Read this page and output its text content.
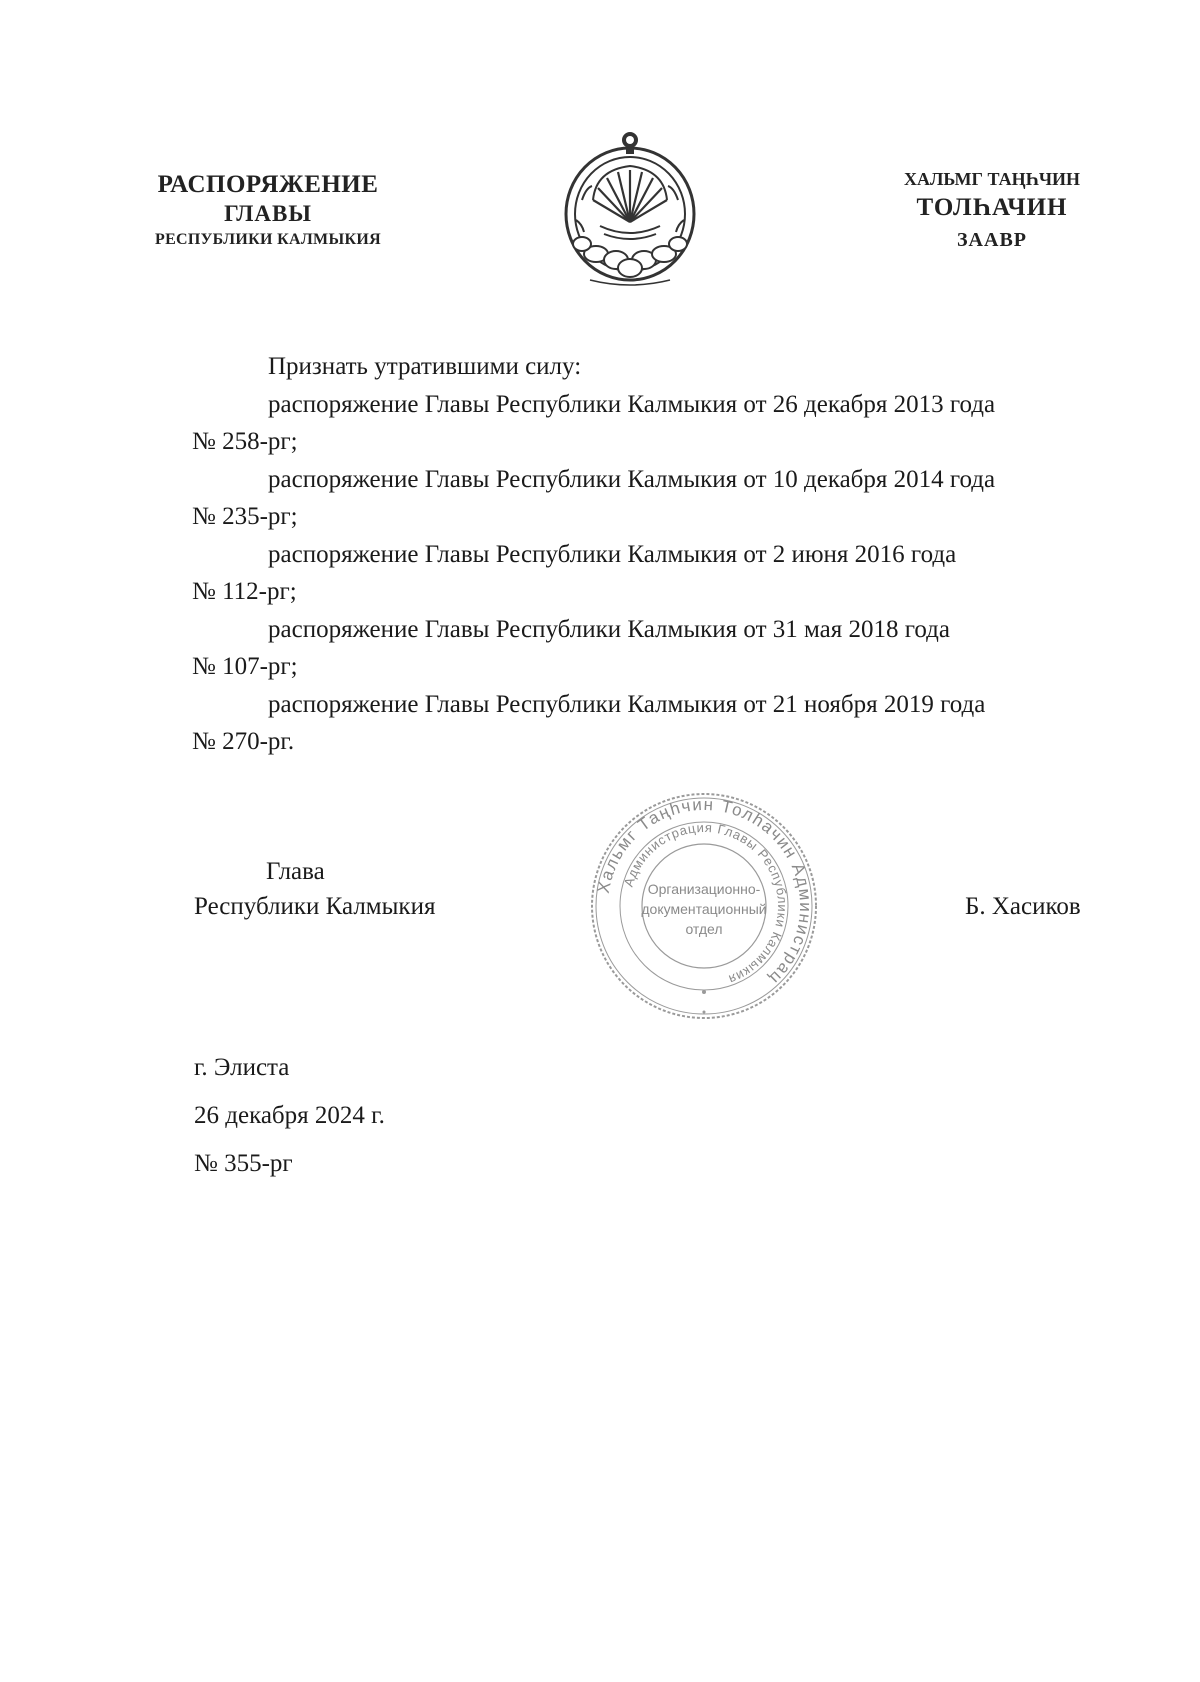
РАСПОРЯЖЕНИЕ
ГЛАВЫ
РЕСПУБЛИКИ КАЛМЫКИЯ
ХАЛЬМГ ТАҢҺЧИН
ТОЛҺАЧИН
ЗААВР

Признать утратившими силу:

распоряжение Главы Республики Калмыкия от 26 декабря 2013 года

№ 258-рг;

распоряжение Главы Республики Калмыкия от 10 декабря 2014 года

№ 235-рг;

распоряжение Главы Республики Калмыкия от 2 июня 2016 года

№ 112-рг;

распоряжение Главы Республики Калмыкия от 31 мая 2018 года

№ 107-рг;

распоряжение Главы Республики Калмыкия от 21 ноября 2019 года

№ 270-рг.

Глава
Республики Калмыкия	Б. Хасиков
Хальмг Таңһчин Толһачин Администрац
Администрация Главы Республики Калмыкия
Организационно-
документационный
отдел
г. Элиста
26 декабря 2024 г.
№ 355-рг
